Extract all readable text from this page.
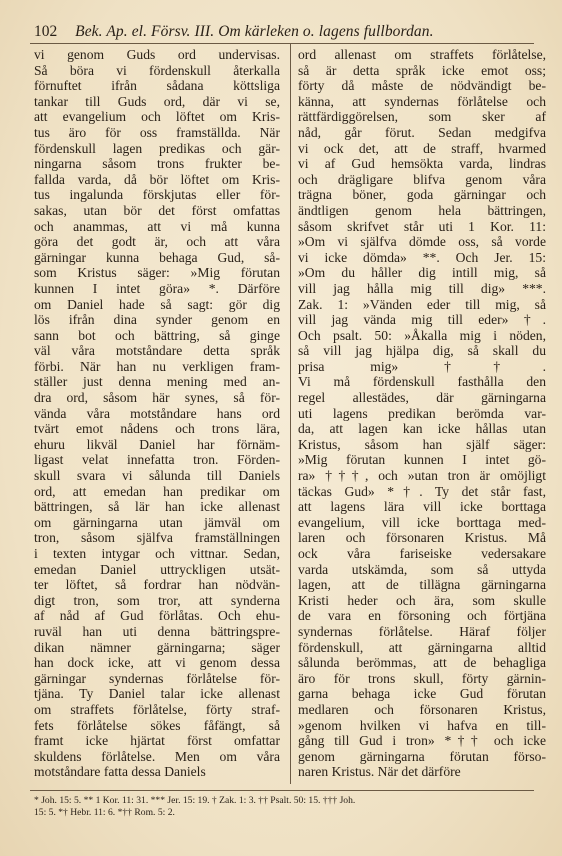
102 Bek. Ap. el. Försv. III. Om kärleken o. lagens fullbordan.
vi genom Guds ord undervisas.
Så böra vi fördenskull återkalla
förnuftet ifrån sådana köttsliga
tankar till Guds ord, där vi se,
att evangelium och löftet om Kris-
tus äro för oss framställda. När
fördenskull lagen predikas och gär-
ningarna såsom trons frukter be-
fallda varda, då bör löftet om Kris-
tus ingalunda förskjutas eller för-
sakas, utan bör det först omfattas
och anammas, att vi må kunna
göra det godt är, och att våra
gärningar kunna behaga Gud, så-
som Kristus säger: »Mig förutan
kunnen I intet göra» *. Därföre
om Daniel hade så sagt: gör dig
lös ifrån dina synder genom en
sann bot och bättring, så ginge
väl våra motståndare detta språk
förbi. När han nu verkligen fram-
ställer just denna mening med an-
dra ord, såsom här synes, så för-
vända våra motståndare hans ord
tvärt emot nådens och trons lära,
ehuru likväl Daniel har förnäm-
ligast velat innefatta tron. Förden-
skull svara vi sålunda till Daniels
ord, att emedan han predikar om
bättringen, så lär han icke allenast
om gärningarna utan jämväl om
tron, såsom själfva framställningen
i texten intygar och vittnar. Sedan,
emedan Daniel uttryckligen utsät-
ter löftet, så fordrar han nödvän-
digt tron, som tror, att synderna
af nåd af Gud förlåtas. Och ehu-
ruväl han uti denna bättringspre-
dikan nämner gärningarna; säger
han dock icke, att vi genom dessa
gärningar syndernas förlåtelse för-
tjäna. Ty Daniel talar icke allenast
om straffets förlåtelse, förty straf-
fets förlåtelse sökes fåfängt, så
framt icke hjärtat först omfattar
skuldens förlåtelse. Men om våra
motståndare fatta dessa Daniels
ord allenast om straffets förlåtelse,
så är detta språk icke emot oss;
förty då måste de nödvändigt be-
känna, att syndernas förlåtelse och
rättfärdiggörelsen, som sker af
nåd, går förut. Sedan medgifva
vi ock det, att de straff, hvarmed
vi af Gud hemsökta varda, lindras
och drägligare blifva genom våra
trägna böner, goda gärningar och
ändtligen genom hela bättringen,
såsom skrifvet står uti 1 Kor. 11:
»Om vi själfva dömde oss, så vorde
vi icke dömda» **. Och Jer. 15:
»Om du håller dig intill mig, så
vill jag hålla mig till dig» ***.
Zak. 1: »Vänden eder till mig, så
vill jag vända mig till eder» †.
Och psalt. 50: »Åkalla mig i nöden,
så vill jag hjälpa dig, så skall du
prisa mig» ††.
Vi må fördenskull fasthålla den
regel allestädes, där gärningarna
uti lagens predikan berömda var-
da, att lagen kan icke hållas utan
Kristus, såsom han själf säger:
»Mig förutan kunnen I intet gö-
ra» †††, och »utan tron är omöjligt
täckas Gud» *†. Ty det står fast,
att lagens lära vill icke borttaga
evangelium, vill icke borttaga med-
laren och försonaren Kristus. Må
ock våra fariseiske vedersakare
varda utskämda, som så uttyda
lagen, att de tillägna gärningarna
Kristi heder och ära, som skulle
de vara en försoning och förtjäna
syndernas förlåtelse. Häraf följer
fördenskull, att gärningarna alltid
sålunda berömmas, att de behagliga
äro för trons skull, förty gärnin-
garna behaga icke Gud förutan
medlaren och försonaren Kristus,
»genom hvilken vi hafva en till-
gång till Gud i tron» *†† och icke
genom gärningarna förutan förso-
naren Kristus. När det därföre
* Joh. 15: 5. ** 1 Kor. 11: 31. *** Jer. 15: 19. † Zak. 1: 3. †† Psalt. 50: 15. ††† Joh.
15: 5. *† Hebr. 11: 6. *†† Rom. 5: 2.
